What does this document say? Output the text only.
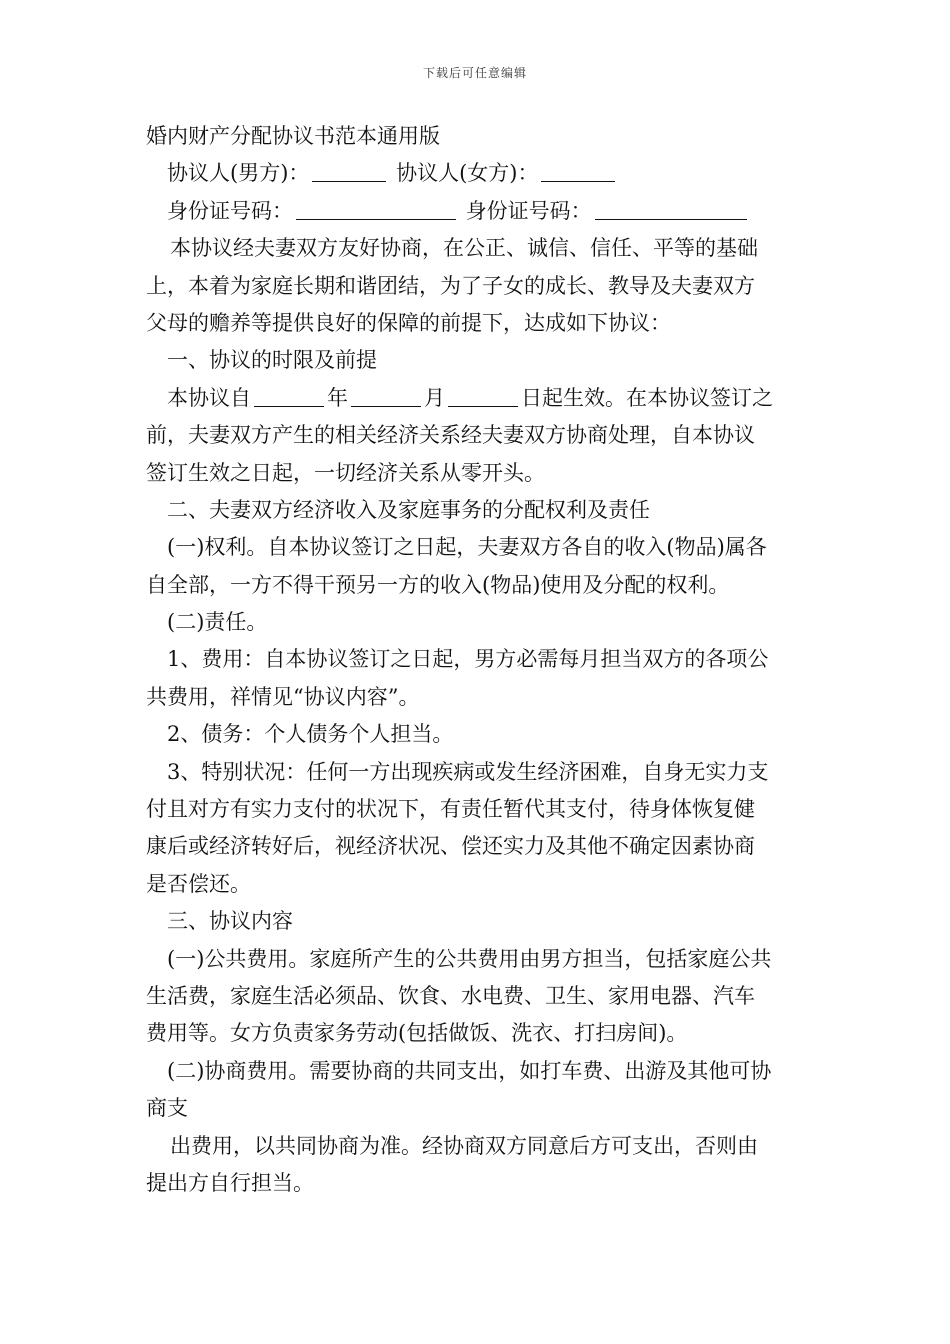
下载后可任意编辑
婚内财产分配协议书范本通用版
协议人(男方)：	协议人(女方)：
身份证号码：	身份证号码：
本协议经夫妻双方友好协商，在公正、诚信、信任、平等的基础
上，本着为家庭长期和谐团结，为了子女的成长、教导及夫妻双方
父母的赡养等提供良好的保障的前提下，达成如下协议：
一、协议的时限及前提
本协议自	年	月	日起生效。在本协议签订之
前，夫妻双方产生的相关经济关系经夫妻双方协商处理，自本协议
签订生效之日起，一切经济关系从零开头。
二、夫妻双方经济收入及家庭事务的分配权利及责任
(一)权利。自本协议签订之日起，夫妻双方各自的收入(物品)属各
自全部，一方不得干预另一方的收入(物品)使用及分配的权利。
(二)责任。
1、费用：自本协议签订之日起，男方必需每月担当双方的各项公
共费用，祥情见“协议内容”。
2、债务：个人债务个人担当。
3、特别状况：任何一方出现疾病或发生经济困难，自身无实力支
付且对方有实力支付的状况下，有责任暂代其支付，待身体恢复健
康后或经济转好后，视经济状况、偿还实力及其他不确定因素协商
是否偿还。
三、协议内容
(一)公共费用。家庭所产生的公共费用由男方担当，包括家庭公共
生活费，家庭生活必须品、饮食、水电费、卫生、家用电器、汽车
费用等。女方负责家务劳动(包括做饭、洗衣、打扫房间)。
(二)协商费用。需要协商的共同支出，如打车费、出游及其他可协
商支
出费用，以共同协商为准。经协商双方同意后方可支出，否则由
提出方自行担当。
